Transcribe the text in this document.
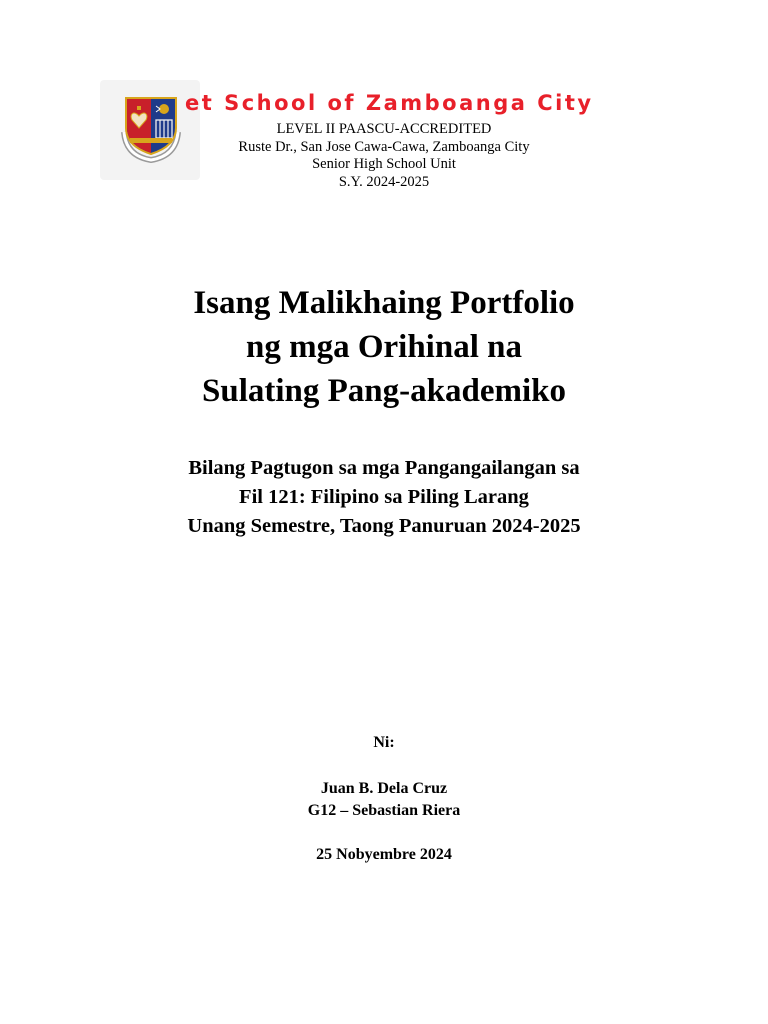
et School of Zamboanga City
LEVEL II PAASCU-ACCREDITED
Ruste Dr., San Jose Cawa-Cawa, Zamboanga City
Senior High School Unit
S.Y. 2024-2025
Isang Malikhaing Portfolio
ng mga Orihinal na
Sulating Pang-akademiko
Bilang Pagtugon sa mga Pangangailangan sa
Fil 121: Filipino sa Piling Larang
Unang Semestre, Taong Panuruan 2024-2025
Ni:
Juan B. Dela Cruz
G12 – Sebastian Riera
25 Nobyembre 2024
